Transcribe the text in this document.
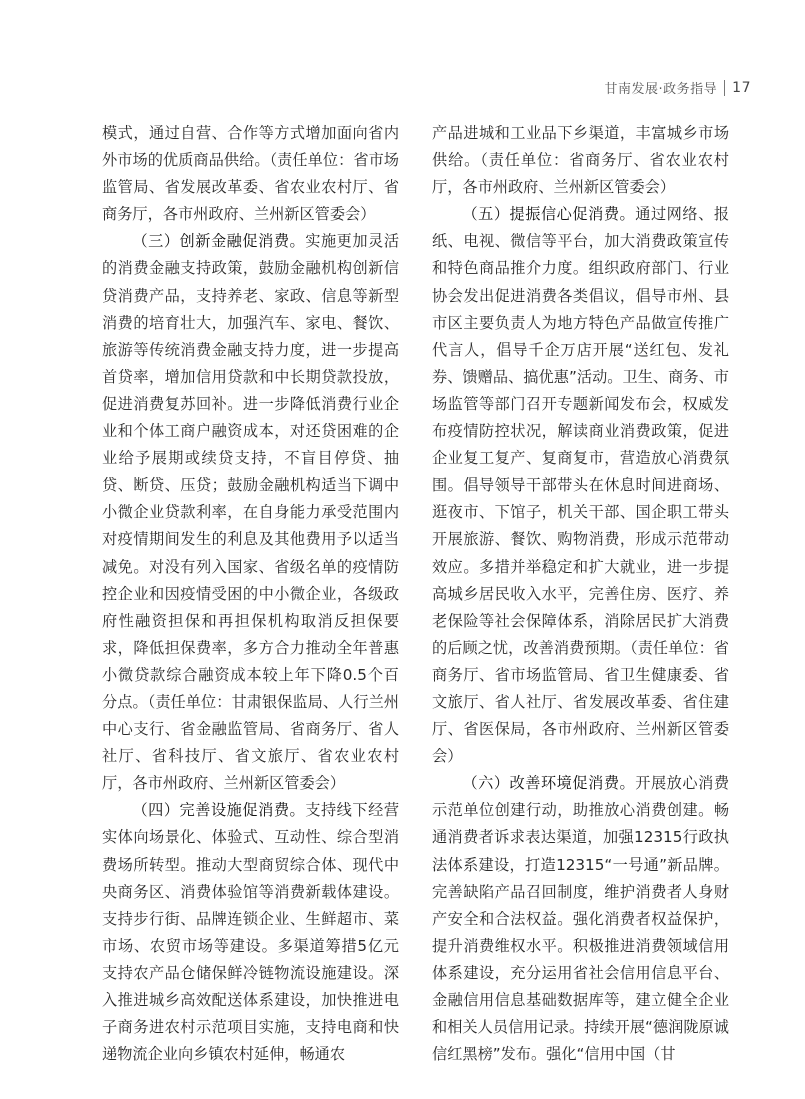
甘南发展·政务指导 17

模式，通过自营、合作等方式增加面向省内外市场的优质商品供给。（责任单位：省市场监管局、省发展改革委、省农业农村厅、省商务厅，各市州政府、兰州新区管委会）

（三）创新金融促消费。实施更加灵活的消费金融支持政策，鼓励金融机构创新信贷消费产品，支持养老、家政、信息等新型消费的培育壮大，加强汽车、家电、餐饮、旅游等传统消费金融支持力度，进一步提高首贷率，增加信用贷款和中长期贷款投放，促进消费复苏回补。进一步降低消费行业企业和个体工商户融资成本，对还贷困难的企业给予展期或续贷支持，不盲目停贷、抽贷、断贷、压贷；鼓励金融机构适当下调中小微企业贷款利率，在自身能力承受范围内对疫情期间发生的利息及其他费用予以适当减免。对没有列入国家、省级名单的疫情防控企业和因疫情受困的中小微企业，各级政府性融资担保和再担保机构取消反担保要求，降低担保费率，多方合力推动全年普惠小微贷款综合融资成本较上年下降0.5个百分点。（责任单位：甘肃银保监局、人行兰州中心支行、省金融监管局、省商务厅、省人社厅、省科技厅、省文旅厅、省农业农村厅，各市州政府、兰州新区管委会）

（四）完善设施促消费。支持线下经营实体向场景化、体验式、互动性、综合型消费场所转型。推动大型商贸综合体、现代中央商务区、消费体验馆等消费新载体建设。支持步行街、品牌连锁企业、生鲜超市、菜市场、农贸市场等建设。多渠道筹措5亿元支持农产品仓储保鲜冷链物流设施建设。深入推进城乡高效配送体系建设，加快推进电子商务进农村示范项目实施，支持电商和快递物流企业向乡镇农村延伸，畅通农

产品进城和工业品下乡渠道，丰富城乡市场供给。（责任单位：省商务厅、省农业农村厅，各市州政府、兰州新区管委会）

（五）提振信心促消费。通过网络、报纸、电视、微信等平台，加大消费政策宣传和特色商品推介力度。组织政府部门、行业协会发出促进消费各类倡议，倡导市州、县市区主要负责人为地方特色产品做宣传推广代言人，倡导千企万店开展“送红包、发礼券、馈赠品、搞优惠”活动。卫生、商务、市场监管等部门召开专题新闻发布会，权威发布疫情防控状况，解读商业消费政策，促进企业复工复产、复商复市，营造放心消费氛围。倡导领导干部带头在休息时间进商场、逛夜市、下馆子，机关干部、国企职工带头开展旅游、餐饮、购物消费，形成示范带动效应。多措并举稳定和扩大就业，进一步提高城乡居民收入水平，完善住房、医疗、养老保险等社会保障体系，消除居民扩大消费的后顾之忧，改善消费预期。（责任单位：省商务厅、省市场监管局、省卫生健康委、省文旅厅、省人社厅、省发展改革委、省住建厅、省医保局，各市州政府、兰州新区管委会）

（六）改善环境促消费。开展放心消费示范单位创建行动，助推放心消费创建。畅通消费者诉求表达渠道，加强12315行政执法体系建设，打造12315“一号通”新品牌。完善缺陷产品召回制度，维护消费者人身财产安全和合法权益。强化消费者权益保护，提升消费维权水平。积极推进消费领域信用体系建设，充分运用省社会信用信息平台、金融信用信息基础数据库等，建立健全企业和相关人员信用记录。持续开展“德润陇原诚信红黑榜”发布。强化“信用中国（甘
